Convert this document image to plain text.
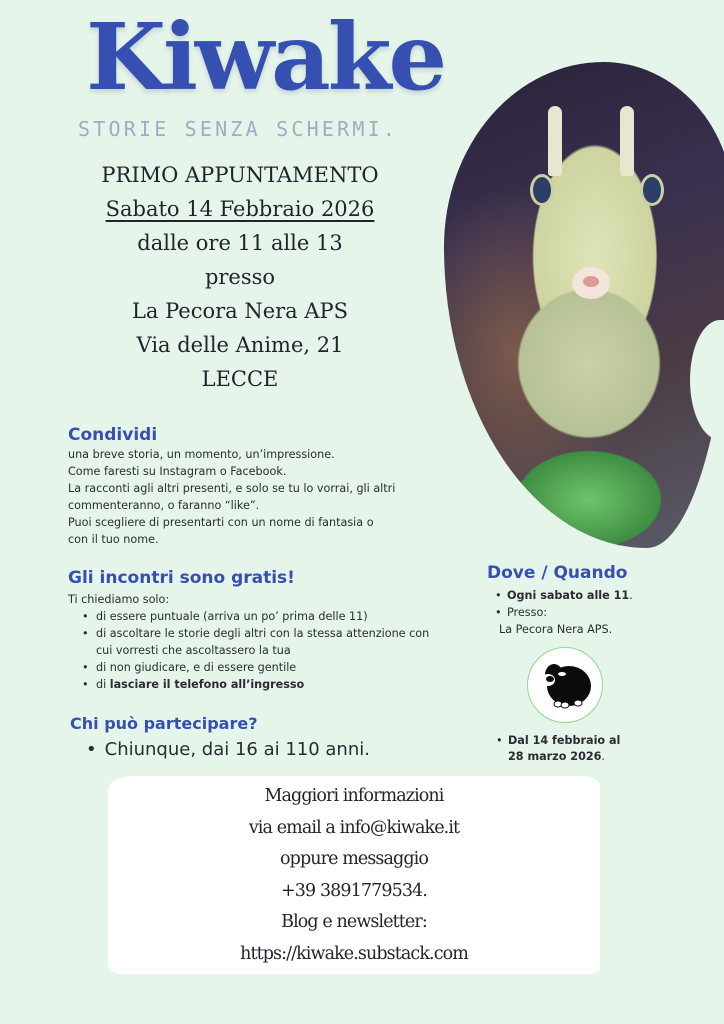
Kiwake
STORIE SENZA SCHERMI.
PRIMO APPUNTAMENTO
Sabato 14 Febbraio 2026
dalle ore 11 alle 13
presso
La Pecora Nera APS
Via delle Anime, 21
LECCE
Condividi
una breve storia, un momento, un’impressione.
Come faresti su Instagram o Facebook.
La racconti agli altri presenti, e solo se tu lo vorrai, gli altri
commenteranno, o faranno “like”.
Puoi scegliere di presentarti con un nome di fantasia o
con il tuo nome.
Gli incontri sono gratis!
Ti chiediamo solo:
• di essere puntuale (arriva un po’ prima delle 11)
• di ascoltare le storie degli altri con la stessa attenzione con cui vorresti che ascoltassero la tua
• di non giudicare, e di essere gentile
• di lasciare il telefono all’ingresso
Chi può partecipare?
• Chiunque, dai 16 ai 110 anni.
Dove / Quando
• Ogni sabato alle 11.
• Presso:
La Pecora Nera APS.
• Dal 14 febbraio al
28 marzo 2026.
Maggiori informazioni
via email a info@kiwake.it
oppure messaggio
+39 3891779534.
Blog e newsletter:
https://kiwake.substack.com
